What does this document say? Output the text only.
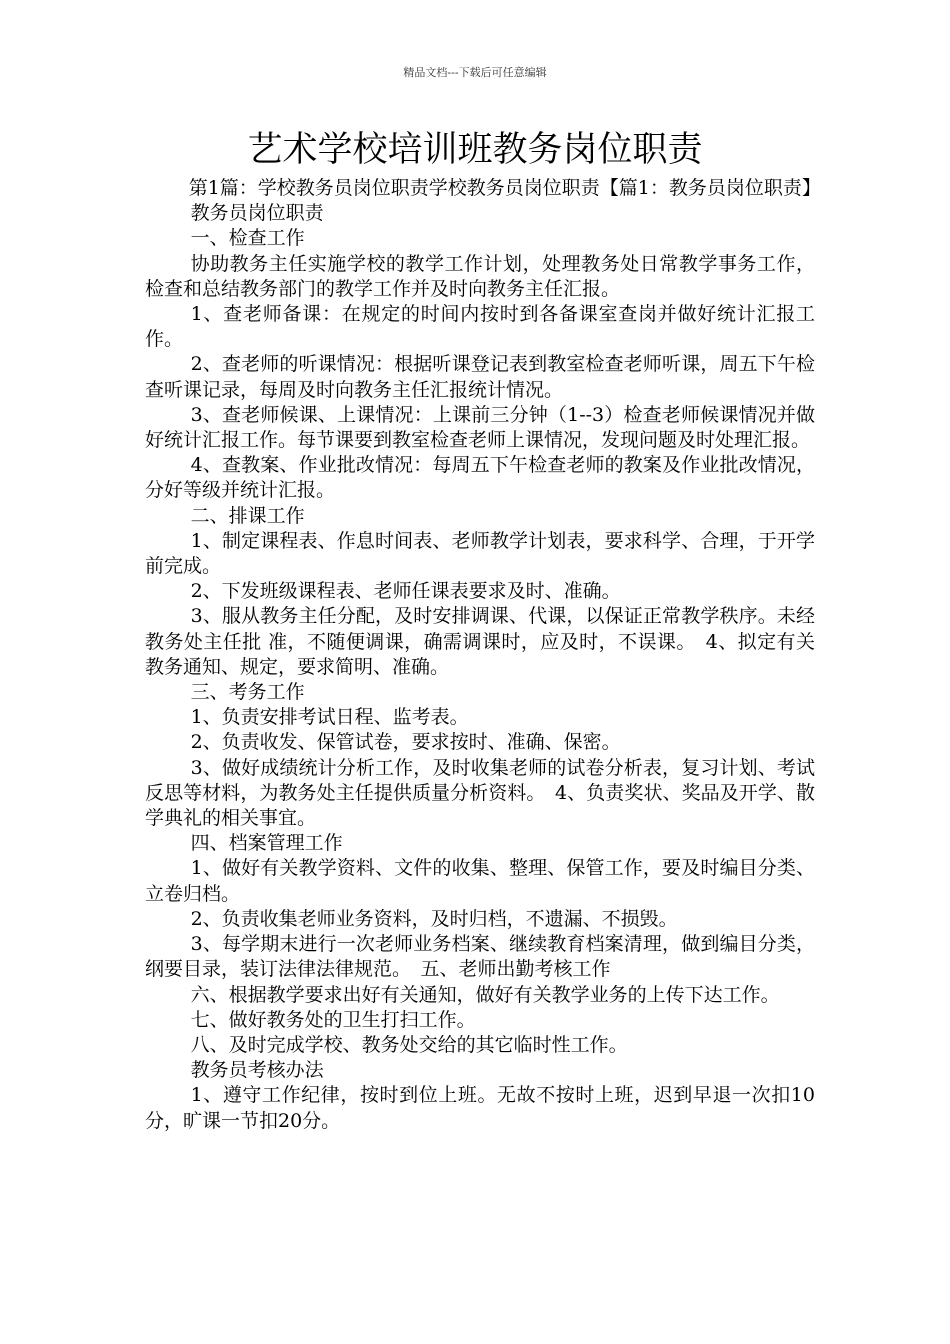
精品文档---下载后可任意编辑
艺术学校培训班教务岗位职责

第1篇：学校教务员岗位职责学校教务员岗位职责【篇1：教务员岗位职责】

教务员岗位职责

一、检查工作

协助教务主任实施学校的教学工作计划，处理教务处日常教学事务工作，检查和总结教务部门的教学工作并及时向教务主任汇报。

1、查老师备课：在规定的时间内按时到各备课室查岗并做好统计汇报工作。

2、查老师的听课情况：根据听课登记表到教室检查老师听课，周五下午检查听课记录，每周及时向教务主任汇报统计情况。

3、查老师候课、上课情况：上课前三分钟（1--3）检查老师候课情况并做好统计汇报工作。每节课要到教室检查老师上课情况，发现问题及时处理汇报。

4、查教案、作业批改情况：每周五下午检查老师的教案及作业批改情况，分好等级并统计汇报。

二、排课工作

1、制定课程表、作息时间表、老师教学计划表，要求科学、合理，于开学前完成。

2、下发班级课程表、老师任课表要求及时、准确。

3、服从教务主任分配，及时安排调课、代课，以保证正常教学秩序。未经教务处主任批 准，不随便调课，确需调课时，应及时，不误课。　4、拟定有关教务通知、规定，要求简明、准确。

三、考务工作

1、负责安排考试日程、监考表。

2、负责收发、保管试卷，要求按时、准确、保密。

3、做好成绩统计分析工作，及时收集老师的试卷分析表，复习计划、考试反思等材料，为教务处主任提供质量分析资料。　4、负责奖状、奖品及开学、散学典礼的相关事宜。

四、档案管理工作

1、做好有关教学资料、文件的收集、整理、保管工作，要及时编目分类、立卷归档。

2、负责收集老师业务资料，及时归档，不遗漏、不损毁。

3、每学期末进行一次老师业务档案、继续教育档案清理，做到编目分类，纲要目录，装订法律法律规范。　五、老师出勤考核工作

六、根据教学要求出好有关通知，做好有关教学业务的上传下达工作。

七、做好教务处的卫生打扫工作。

八、及时完成学校、教务处交给的其它临时性工作。

教务员考核办法

1、遵守工作纪律，按时到位上班。无故不按时上班，迟到早退一次扣10分，旷课一节扣20分。
